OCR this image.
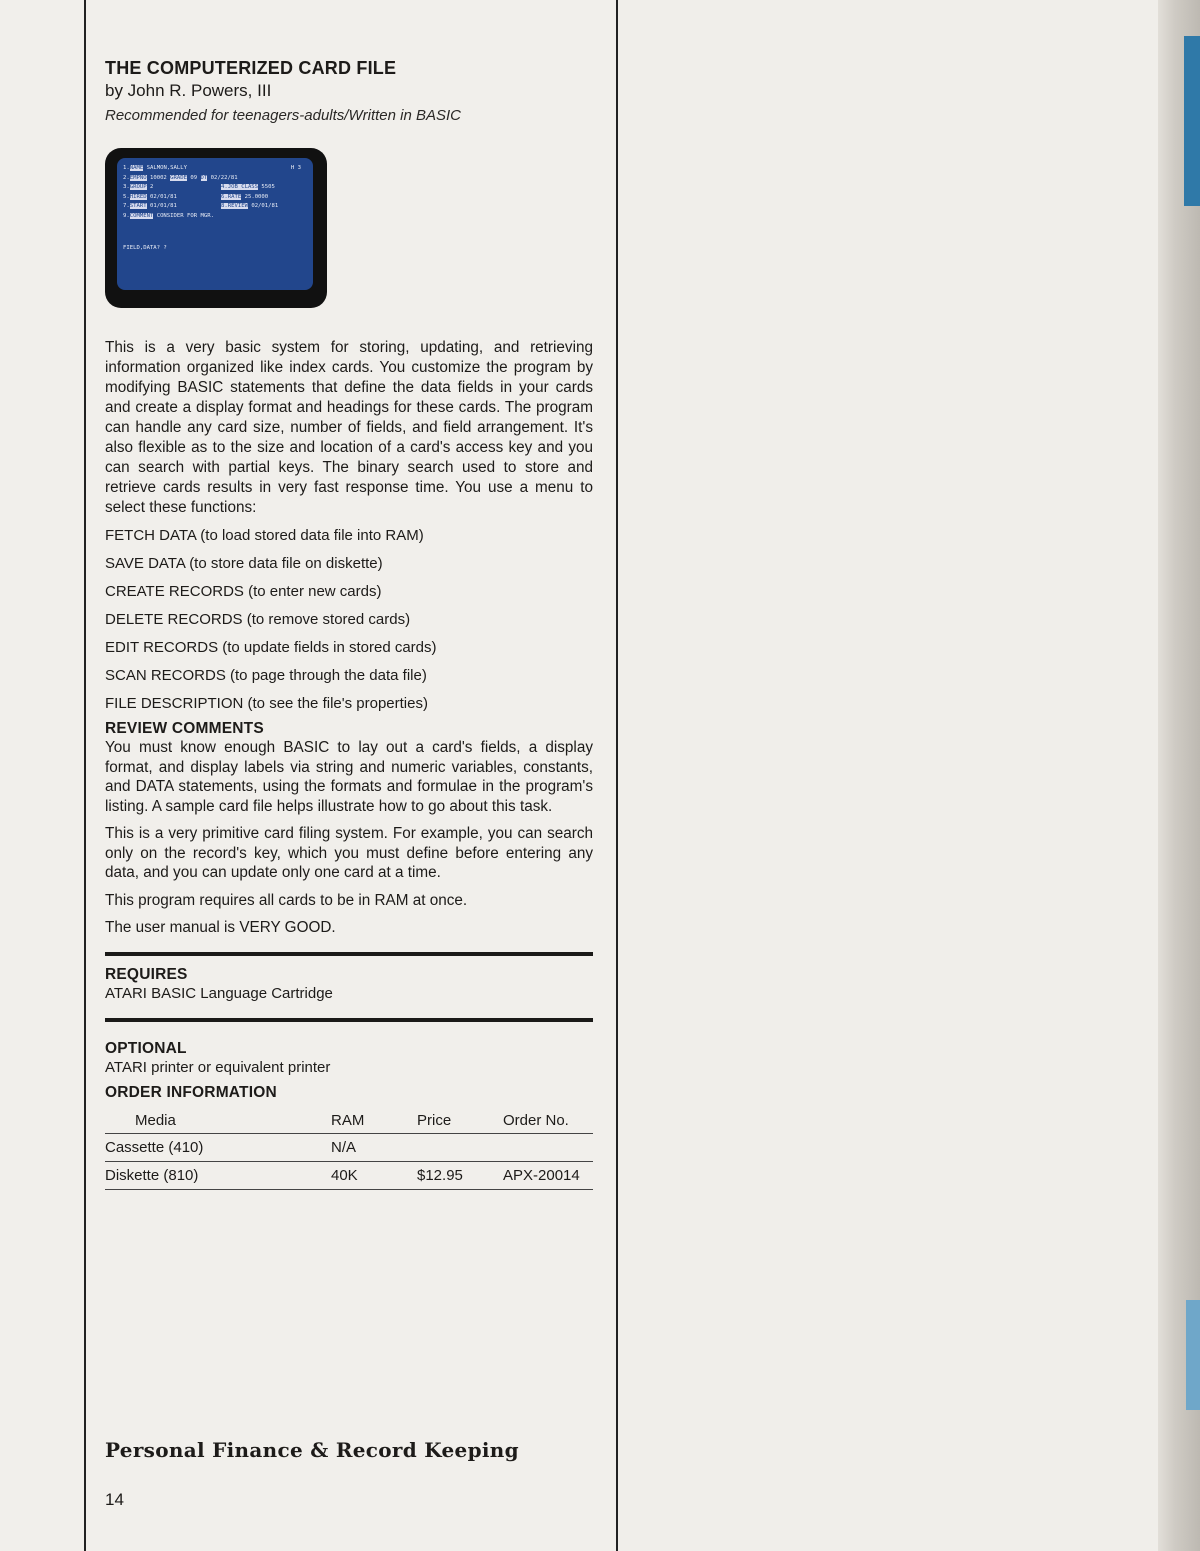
THE COMPUTERIZED CARD FILE

by John R. Powers, III

Recommended for teenagers-adults/Written in BASIC

1.NAME SALMON,SALLY	H 3
2.EMPNO 10002 GRADE 09 DT 02/22/81
3.GROUP 2	4.JOB CLASS 5505
5.HIRED 02/01/81	6.RATE 25.0000
7.START 01/01/81	8.REVIEW 02/01/81
9.COMMENT CONSIDER FOR MGR.
FIELD,DATA? ?

This is a very basic system for storing, updating, and retrieving information organized like index cards. You customize the program by modifying BASIC statements that define the data fields in your cards and create a display format and headings for these cards. The program can handle any card size, number of fields, and field arrangement. It's also flexible as to the size and location of a card's access key and you can search with partial keys. The binary search used to store and retrieve cards results in very fast response time. You use a menu to select these functions:

FETCH DATA (to load stored data file into RAM)
SAVE DATA (to store data file on diskette)
CREATE RECORDS (to enter new cards)
DELETE RECORDS (to remove stored cards)
EDIT RECORDS (to update fields in stored cards)
SCAN RECORDS (to page through the data file)
FILE DESCRIPTION (to see the file's properties)
REVIEW COMMENTS

You must know enough BASIC to lay out a card's fields, a display format, and display labels via string and numeric variables, constants, and DATA statements, using the formats and formulae in the program's listing. A sample card file helps illustrate how to go about this task.

This is a very primitive card filing system. For example, you can search only on the record's key, which you must define before entering any data, and you can update only one card at a time.

This program requires all cards to be in RAM at once.

The user manual is VERY GOOD.

REQUIRES

ATARI BASIC Language Cartridge

OPTIONAL

ATARI printer or equivalent printer

ORDER INFORMATION
Media	RAM	Price	Order No.
Cassette (410)	N/A		
Diskette (810)	40K	$12.95	APX-20014
Personal Finance & Record Keeping
14
